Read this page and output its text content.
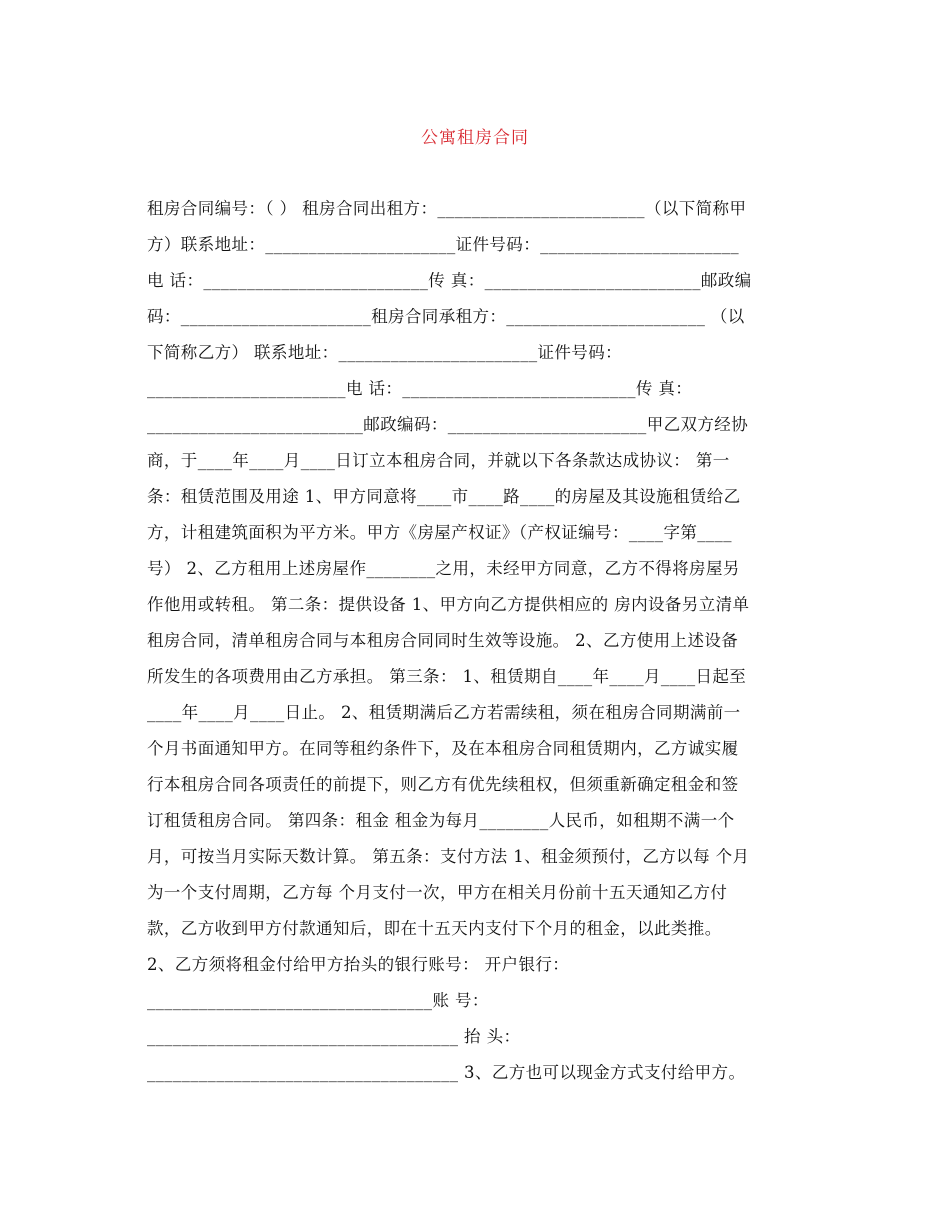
公寓租房合同
租房合同编号：（ ） 租房合同出租方：________________________（以下简称甲
方）联系地址：______________________证件号码：_______________________
电 话：__________________________传 真：_________________________邮政编
码：______________________租房合同承租方：_______________________ （以
下简称乙方） 联系地址：_______________________证件号码：
_______________________电 话：___________________________传 真：
_________________________邮政编码：_______________________甲乙双方经协
商，于____年____月____日订立本租房合同，并就以下各条款达成协议： 第一
条：租赁范围及用途 1、甲方同意将____市____路____的房屋及其设施租赁给乙
方，计租建筑面积为平方米。甲方《房屋产权证》（产权证编号：____字第____
号） 2、乙方租用上述房屋作________之用，未经甲方同意，乙方不得将房屋另
作他用或转租。 第二条：提供设备 1、甲方向乙方提供相应的 房内设备另立清单
租房合同，清单租房合同与本租房合同同时生效等设施。 2、乙方使用上述设备
所发生的各项费用由乙方承担。 第三条： 1、租赁期自____年____月____日起至
____年____月____日止。 2、租赁期满后乙方若需续租，须在租房合同期满前一
个月书面通知甲方。在同等租约条件下，及在本租房合同租赁期内，乙方诚实履
行本租房合同各项责任的前提下，则乙方有优先续租权，但须重新确定租金和签
订租赁租房合同。 第四条：租金 租金为每月________人民币，如租期不满一个
月，可按当月实际天数计算。 第五条：支付方法 1、租金须预付，乙方以每 个月
为一个支付周期，乙方每 个月支付一次，甲方在相关月份前十五天通知乙方付
款，乙方收到甲方付款通知后，即在十五天内支付下个月的租金，以此类推。
2、乙方须将租金付给甲方抬头的银行账号： 开户银行：
_________________________________账 号：
____________________________________ 抬 头：
____________________________________ 3、乙方也可以现金方式支付给甲方。
